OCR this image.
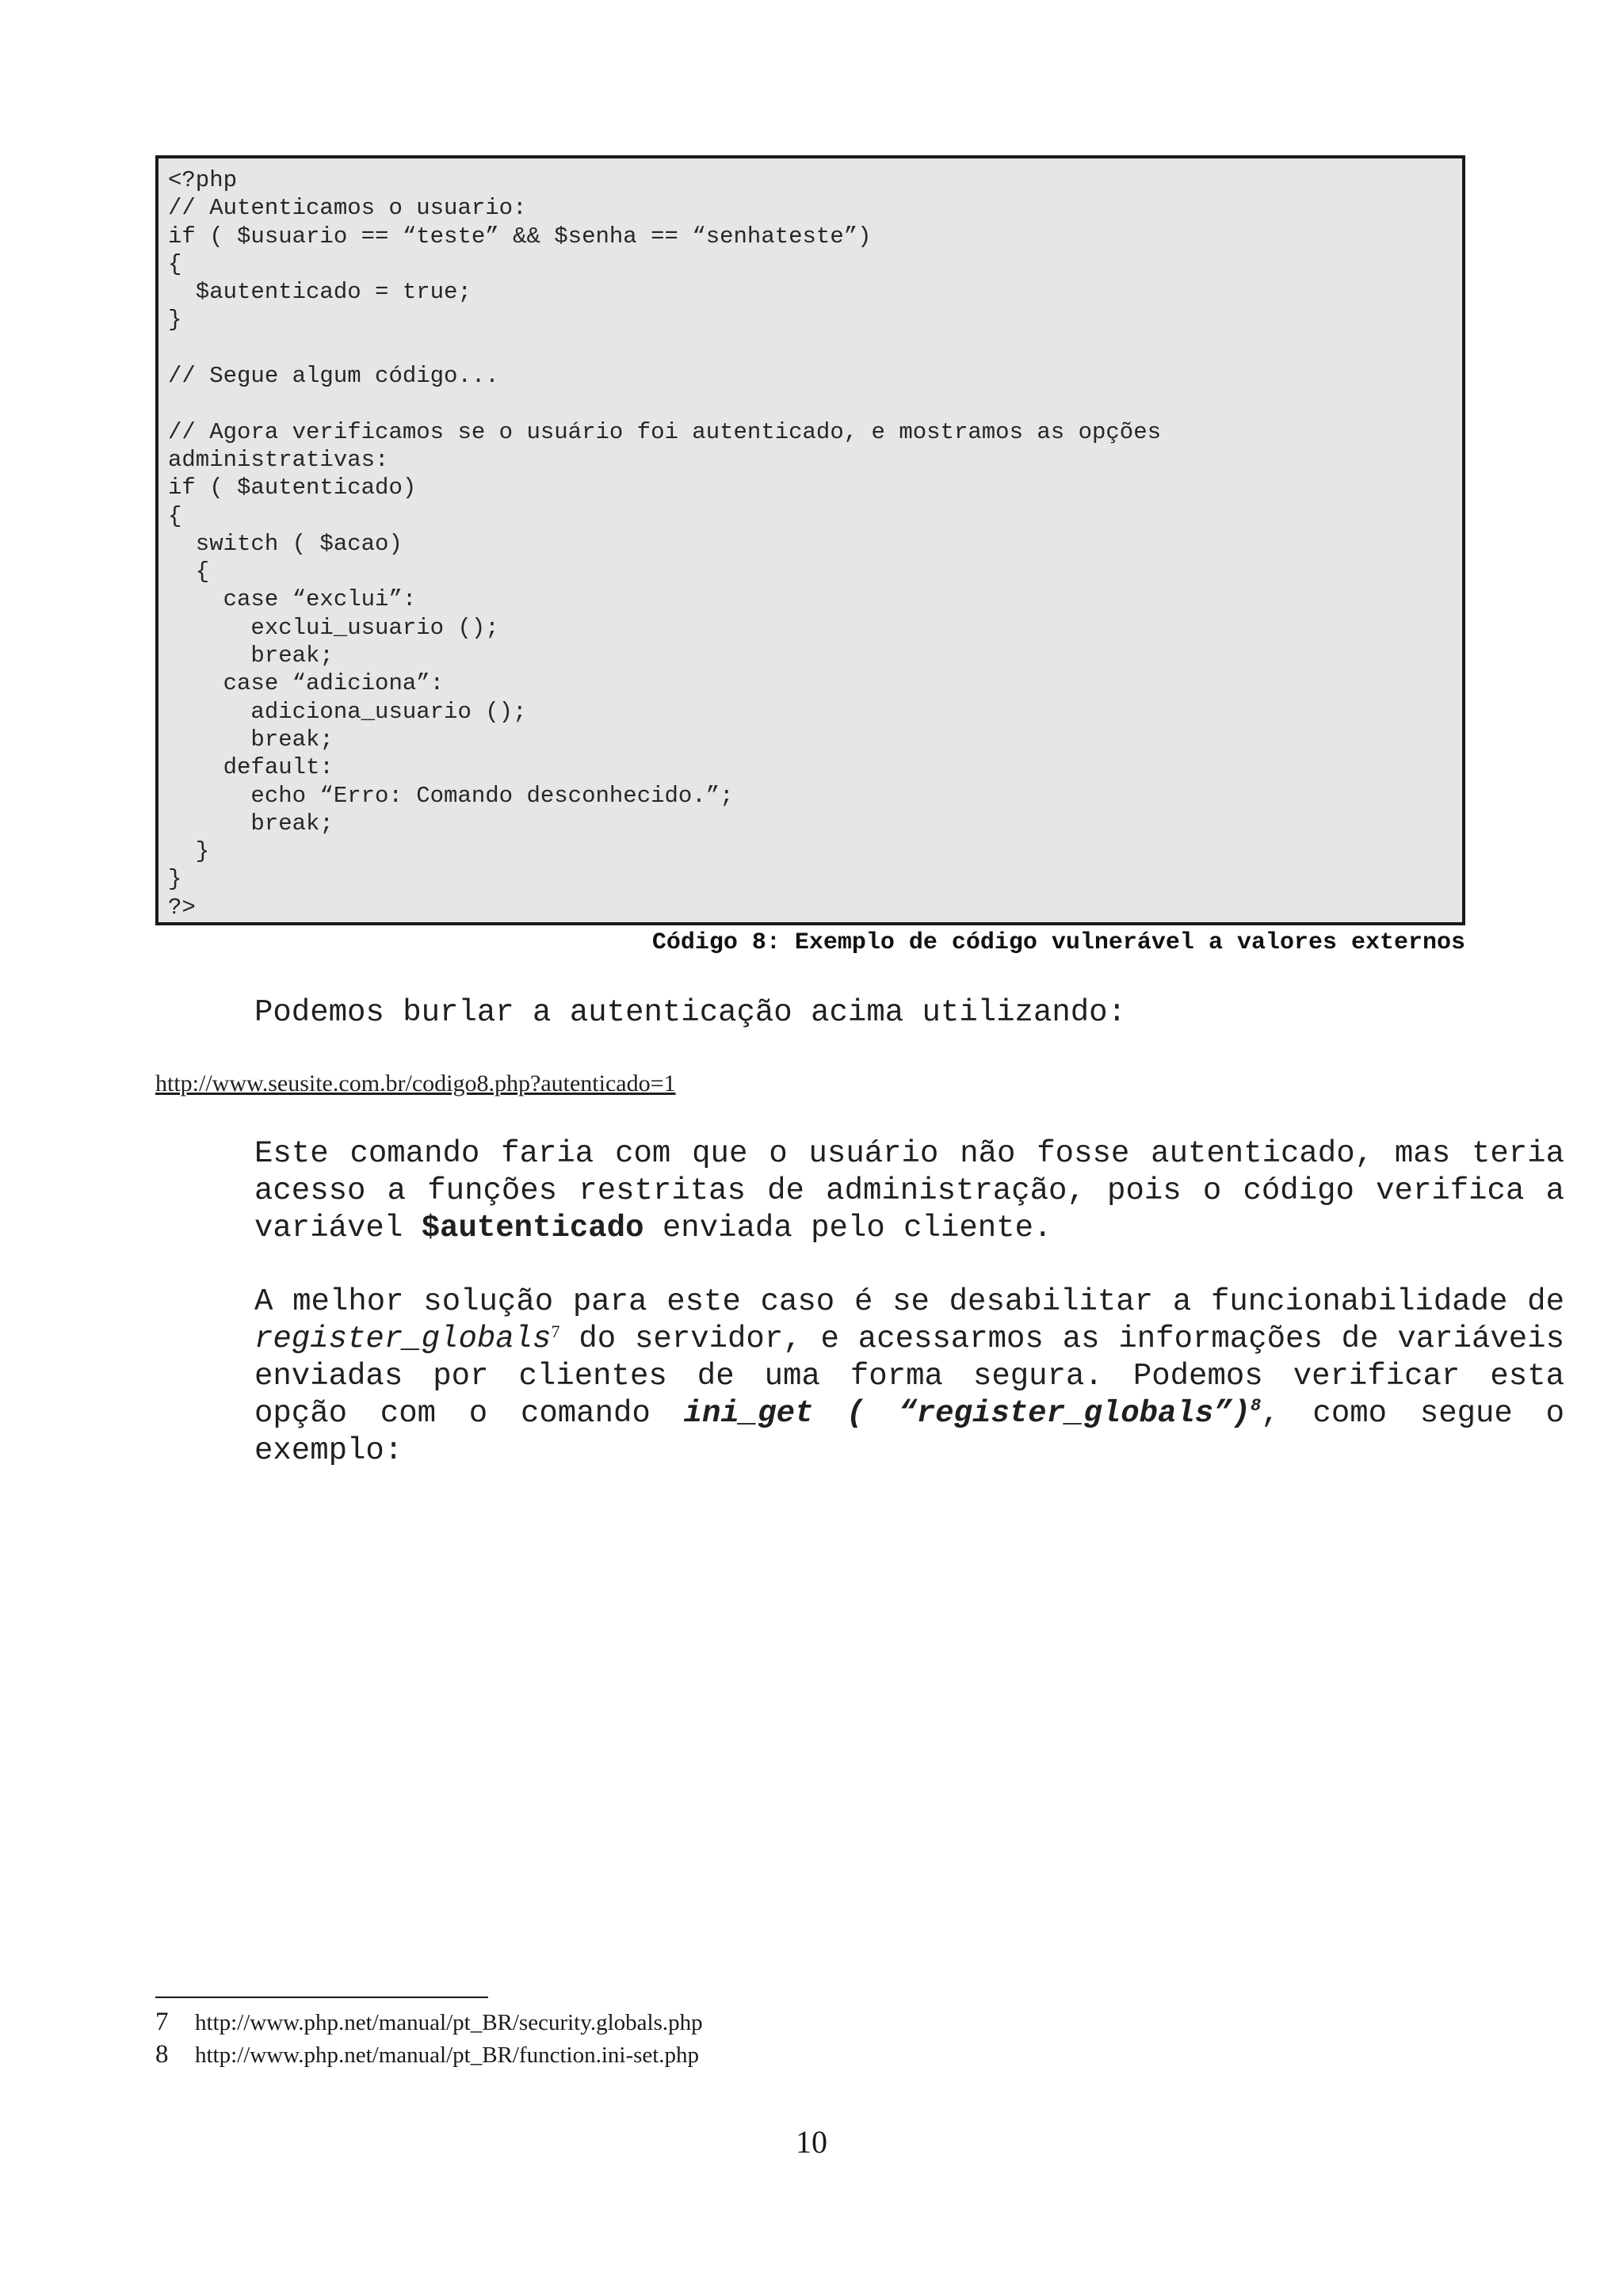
<?php
// Autenticamos o usuario:
if ( $usuario == “teste” && $senha == “senhateste”)
{
$autenticado = true;
}

// Segue algum código...

// Agora verificamos se o usuário foi autenticado, e mostramos as opções
administrativas:
if ( $autenticado)
{
switch ( $acao)
{
case “exclui”:
exclui_usuario ();
break;
case “adiciona”:
adiciona_usuario ();
break;
default:
echo “Erro: Comando desconhecido.”;
break;
}
}
?>

Código 8: Exemplo de código vulnerável a valores externos

Podemos burlar a autenticação acima utilizando:

http://www.seusite.com.br/codigo8.php?autenticado=1

Este comando faria com que o usuário não fosse autenticado, mas teria acesso a funções restritas de administração, pois o código verifica a variável $autenticado enviada pelo cliente.

A melhor solução para este caso é se desabilitar a funcionabilidade de register_globals$^7$ do servidor, e acessarmos as informações de variáveis enviadas por clientes de uma forma segura. Podemos verificar esta opção com o comando ini_get ( “register_globals”)$^8$, como segue o exemplo:

7 http://www.php.net/manual/pt_BR/security.globals.php
8 http://www.php.net/manual/pt_BR/function.ini-set.php
10
